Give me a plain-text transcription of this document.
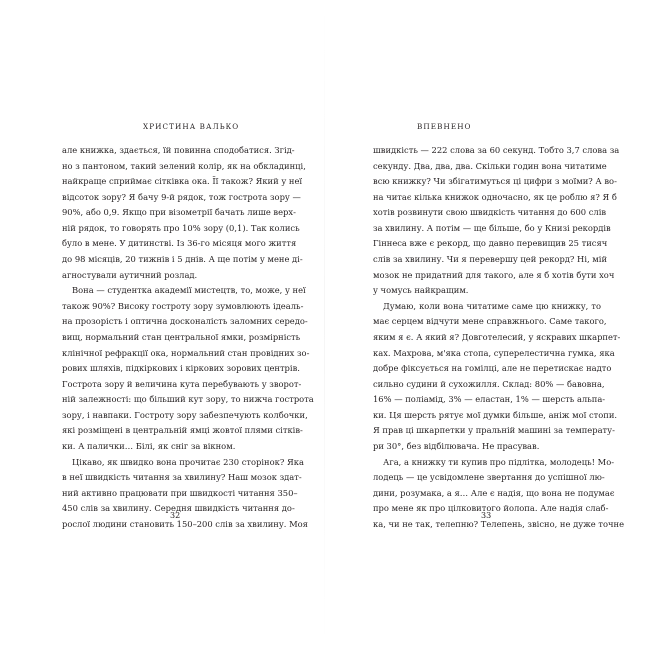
ХРИСТИНА ВАЛЬКО
але книжка, здається, їй повинна сподобатися. Згід-
но з пантоном, такий зелений колір, як на обкладинці,
найкраще сприймає сітківка ока. Її також? Який у неї
відсоток зору? Я бачу 9-й рядок, тож гострота зору —
90%, або 0,9. Якщо при візометрії бачать лише верх-
ній рядок, то говорять про 10% зору (0,1). Так колись
було в мене. У дитинстві. Із 36-го місяця мого життя
до 98 місяців, 20 тижнів і 5 днів. А ще потім у мене ді-
агностували аутичний розлад.
Вона — студентка академії мистецтв, то, може, у неї
також 90%? Високу гостроту зору зумовлюють ідеаль-
на прозорість і оптична досконалість заломних середо-
вищ, нормальний стан центральної ямки, розмірність
клінічної рефракції ока, нормальний стан провідних зо-
рових шляхів, підкіркових і кіркових зорових центрів.
Гострота зору й величина кута перебувають у зворот-
ній залежності: що більший кут зору, то нижча гострота
зору, і навпаки. Гостроту зору забезпечують колбочки,
які розміщені в центральній ямці жовтої плями сітків-
ки. А палички… Білі, як сніг за вікном.
Цікаво, як швидко вона прочитає 230 сторінок? Яка
в неї швидкість читання за хвилину? Наш мозок здат-
ний активно працювати при швидкості читання 350–
450 слів за хвилину. Середня швидкість читання до-
рослої людини становить 150–200 слів за хвилину. Моя
32
ВПЕВНЕНО
швидкість — 222 слова за 60 секунд. Тобто 3,7 слова за
секунду. Два, два, два. Скільки годин вона читатиме
всю книжку? Чи збігатимуться ці цифри з моїми? А во-
на читає кілька книжок одночасно, як це роблю я? Я б
хотів розвинути свою швидкість читання до 600 слів
за хвилину. А потім — ще більше, бо у Книзі рекордів
Гіннеса вже є рекорд, що давно перевищив 25 тисяч
слів за хвилину. Чи я перевершу цей рекорд? Ні, мій
мозок не придатний для такого, але я б хотів бути хоч
у чомусь найкращим.
Думаю, коли вона читатиме саме цю книжку, то
має серцем відчути мене справжнього. Саме такого,
яким я є. А який я? Довготелесий, у яскравих шкарпет-
ках. Махрова, м'яка стопа, суперелестична гумка, яка
добре фіксується на гомілці, але не перетискає надто
сильно судини й сухожилля. Склад: 80% — бавовна,
16% — поліамід, 3% — еластан, 1% — шерсть альпа-
ки. Ця шерсть рятує мої думки більше, аніж мої стопи.
Я прав ці шкарпетки у пральній машині за температу-
ри 30°, без відбілювача. Не прасував.
Ага, а книжку ти купив про підлітка, молодець! Мо-
лодець — це усвідомлене звертання до успішної лю-
дини, розумака, а я… Але є надія, що вона не подумає
про мене як про цілковитого йолопа. Але надія слаб-
ка, чи не так, телепню? Телепень, звісно, не дуже точне
33
